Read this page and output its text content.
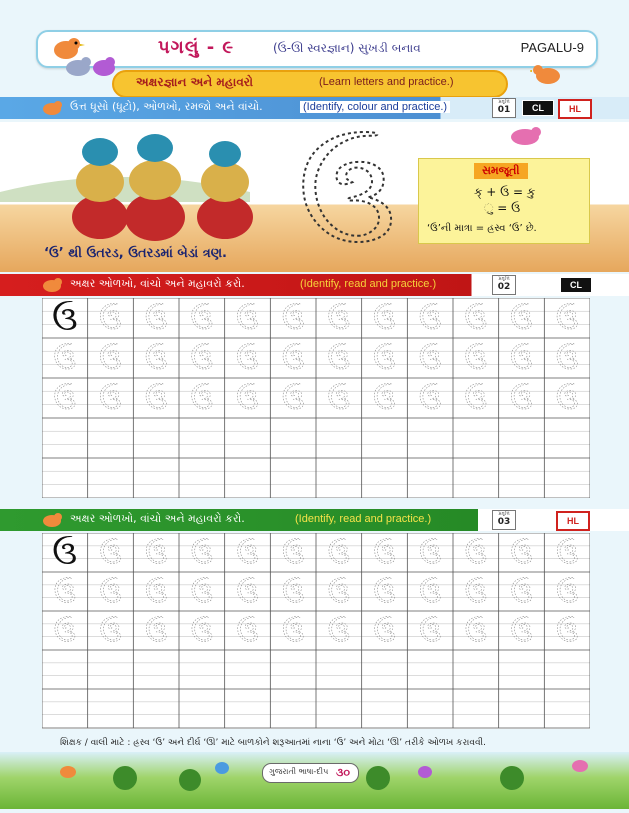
પગલું - ૯	(ઉ-ઊ સ્વરજ્ઞાન) સુખડી બનાવ	PAGALU-9
અક્ષરજ્ઞાન અને મહાવરો	(Learn letters and practice.)
ઉત્ત ધૂસો (ધૂટો), ઓળખો, રમજો અને વાંચો.	(Identify, colour and practice.)	પ્રવૃત્તિ
01	CL	HL
ઉ
‘ઉ’ થી ઉતરડ, ઉતરડમાં બેડાં ત્રણ.
સમજૂતી
ક્ + ઉ = કુ
ુ = ઉ
‘ઉ’ની માત્રા = હ્રસ્વ ‘ઉ’ છે.
અક્ષર ઓળખો, વાંચો અને મહાવરો કરો.	(Identify, read and practice.)	પ્રવૃત્તિ
02	CL
ઉ ઉ ઉ ઉ ઉ ઉ ઉ ઉ ઉ ઉ ઉ
ઉ ઉ ઉ ઉ ઉ ઉ ઉ ઉ ઉ ઉ ઉ ઉ
ઉ ઉ ઉ ઉ ઉ ઉ ઉ ઉ ઉ ઉ ઉ ઉ
ઉ
અક્ષર ઓળખો, વાંચો અને મહાવરો કરો.	(Identify, read and practice.)	પ્રવૃત્તિ
03	HL
ઉ ઉ ઉ ઉ ઉ ઉ ઉ ઉ ઉ ઉ ઉ
ઉ ઉ ઉ ઉ ઉ ઉ ઉ ઉ ઉ ઉ ઉ ઉ
ઉ ઉ ઉ ઉ ઉ ઉ ઉ ઉ ઉ ઉ ઉ ઉ
ઉ
શિક્ષક / વાલી માટે : હ્રસ્વ ‘ઉ’ અને દીર્ઘ ‘ઊ’ માટે બાળકોને શરૂઆતમાં નાના ‘ઉ’ અને મોટા ‘ઊ’ તરીકે ઓળખ કરાવવી.
ગુજરાતી ભાષા-દીપ ૩૦
